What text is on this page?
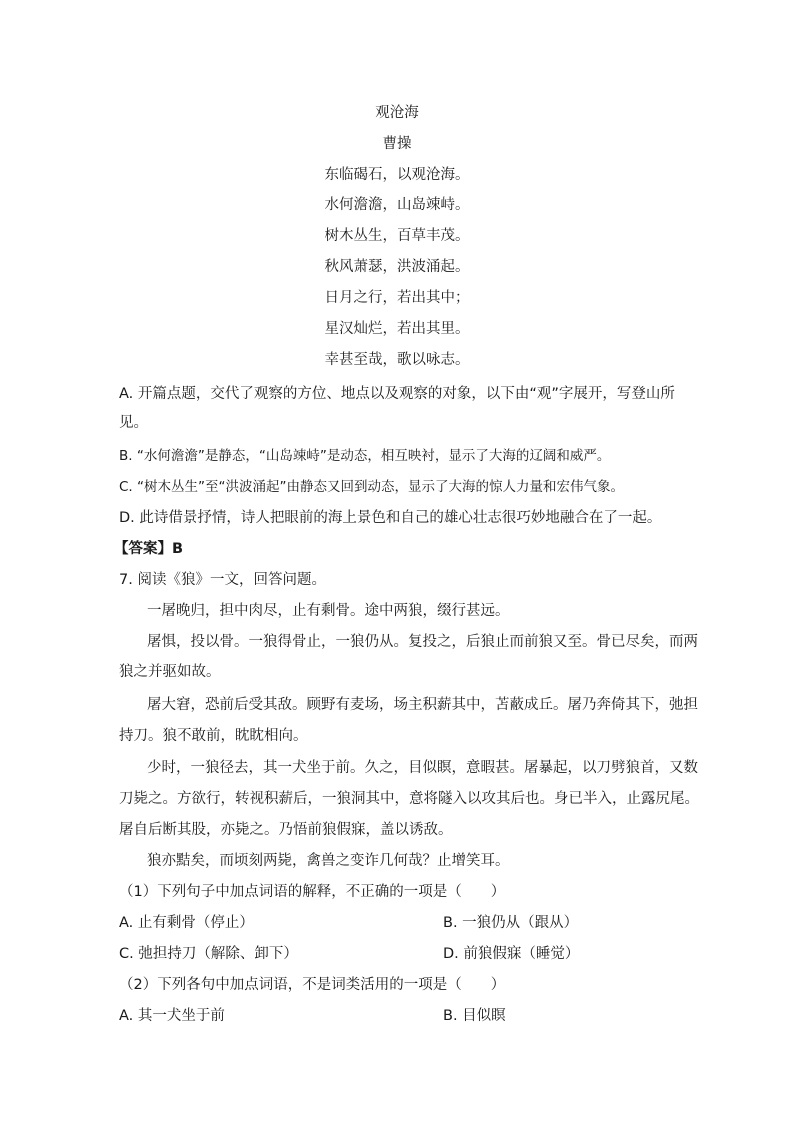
观沧海
曹操
东临碣石，以观沧海。
水何澹澹，山岛竦峙。
树木丛生，百草丰茂。
秋风萧瑟，洪波涌起。
日月之行，若出其中；
星汉灿烂，若出其里。
幸甚至哉，歌以咏志。
A. 开篇点题，交代了观察的方位、地点以及观察的对象，以下由“观”字展开，写登山所
见。
B. “水何澹澹”是静态，“山岛竦峙”是动态，相互映衬，显示了大海的辽阔和威严。
C. “树木丛生”至“洪波涌起”由静态又回到动态，显示了大海的惊人力量和宏伟气象。
D. 此诗借景抒情，诗人把眼前的海上景色和自己的雄心壮志很巧妙地融合在了一起。
【答案】B
7. 阅读《狼》一文，回答问题。
一屠晚归，担中肉尽，止有剩骨。途中两狼，缀行甚远。
屠惧，投以骨。一狼得骨止，一狼仍从。复投之，后狼止而前狼又至。骨已尽矣，而两
狼之并驱如故。
屠大窘，恐前后受其敌。顾野有麦场，场主积薪其中，苫蔽成丘。屠乃奔倚其下，弛担
持刀。狼不敢前，眈眈相向。
少时，一狼径去，其一犬坐于前。久之，目似瞑，意暇甚。屠暴起，以刀劈狼首，又数
刀毙之。方欲行，转视积薪后，一狼洞其中，意将隧入以攻其后也。身已半入，止露尻尾。
屠自后断其股，亦毙之。乃悟前狼假寐，盖以诱敌。
狼亦黠矣，而顷刻两毙，禽兽之变诈几何哉？止增笑耳。
（1）下列句子中加点词语的解释，不正确的一项是（　　）
A. 止有剩骨（停止）	B. 一狼仍从（跟从）
C. 弛担持刀（解除、卸下）	D. 前狼假寐（睡觉）
（2）下列各句中加点词语，不是词类活用的一项是（　　）
A. 其一犬坐于前	B. 目似瞑
